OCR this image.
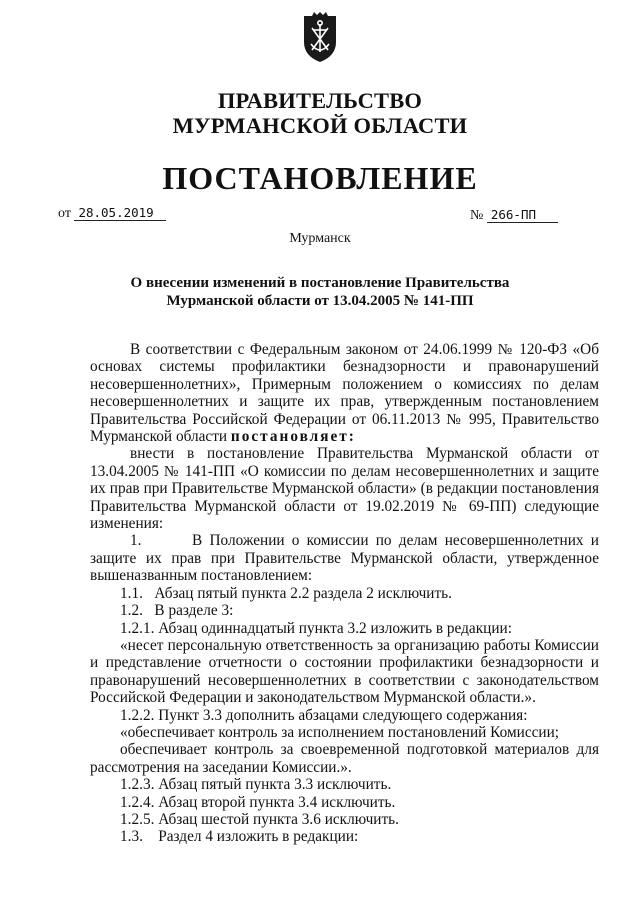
ПРАВИТЕЛЬСТВО
МУРМАНСКОЙ ОБЛАСТИ
ПОСТАНОВЛЕНИЕ
от 28.05.2019	№ 266-ПП
Мурманск
О внесении изменений в постановление Правительства
Мурманской области от 13.04.2005 № 141-ПП

В соответствии с Федеральным законом от 24.06.1999 № 120-ФЗ «Об основах системы профилактики безнадзорности и правонарушений несовершеннолетних», Примерным положением о комиссиях по делам несовершеннолетних и защите их прав, утвержденным постановлением Правительства Российской Федерации от 06.11.2013 № 995, Правительство Мурманской области постановляет:

внести в постановление Правительства Мурманской области от 13.04.2005 № 141-ПП «О комиссии по делам несовершеннолетних и защите их прав при Правительстве Мурманской области» (в редакции постановления Правительства Мурманской области от 19.02.2019 № 69-ПП) следующие изменения:

1.       В Положении о комиссии по делам несовершеннолетних и защите их прав при Правительстве Мурманской области, утвержденное вышеназванным постановлением:

1.1.   Абзац пятый пункта 2.2 раздела 2 исключить.

1.2.   В разделе 3:

1.2.1. Абзац одиннадцатый пункта 3.2 изложить в редакции:

«несет персональную ответственность за организацию работы Комиссии и представление отчетности о состоянии профилактики безнадзорности и правонарушений несовершеннолетних в соответствии с законодательством Российской Федерации и законодательством Мурманской области.».

1.2.2. Пункт 3.3 дополнить абзацами следующего содержания:

«обеспечивает контроль за исполнением постановлений Комиссии;

обеспечивает контроль за своевременной подготовкой материалов для рассмотрения на заседании Комиссии.».

1.2.3. Абзац пятый пункта 3.3 исключить.

1.2.4. Абзац второй пункта 3.4 исключить.

1.2.5. Абзац шестой пункта 3.6 исключить.

1.3.    Раздел 4 изложить в редакции:
